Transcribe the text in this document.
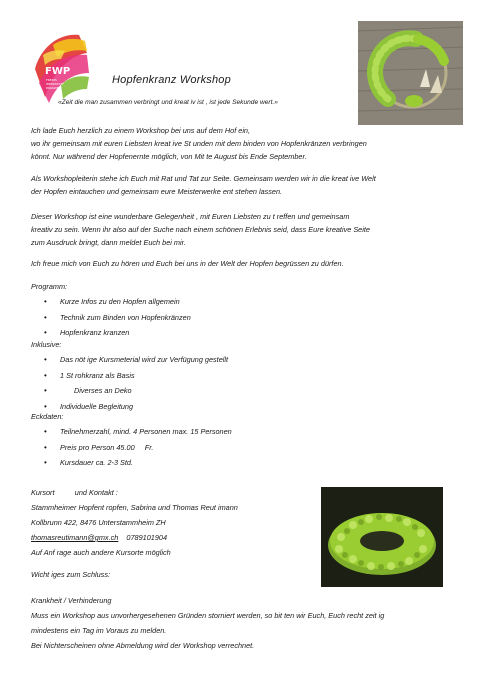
FWP
FREDIS
WERKSTATT
PARADIES
Hopfenkranz Workshop
«Zeit die man zusammen verbringt und kreat iv ist , ist jede Sekunde wert.»

Ich lade Euch herzlich zu einem Workshop bei uns auf dem Hof ein,

wo ihr gemeinsam mit euren Liebsten kreat ive St unden mit dem binden von Hopfenkränzen verbringen

könnt. Nur während der Hopfenernte möglich, von Mit te August bis Ende September.

Als Workshopleiterin stehe ich Euch mit Rat und Tat zur Seite. Gemeinsam werden wir in die kreat ive Welt

der Hopfen eintauchen und gemeinsam eure Meisterwerke ent stehen lassen.

Dieser Workshop ist eine wunderbare Gelegenheit , mit Euren Liebsten zu t reffen und gemeinsam

kreativ zu sein. Wenn ihr also auf der Suche nach einem schönen Erlebnis seid, dass Eure kreative Seite

zum Ausdruck bringt, dann meldet Euch bei mir.

Ich freue mich von Euch zu hören und Euch bei uns in der Welt der Hopfen begrüssen zu dürfen.

Programm:
• Kurze Infos zu den Hopfen allgemein
• Technik zum Binden von Hopfenkränzen
• Hopfenkranz kranzen
Inklusive:
• Das nöt ige Kursmeterial wird zur Verfügung gestellt
• 1 St rohkranz als Basis
•	Diverses an Deko
• Individuelle Begleitung
Eckdaten:
• Teilnehmerzahl, mind. 4 Personen max. 15 Personen
• Preis pro Person 45.00     Fr.
• Kursdauer ca. 2-3 Std.

Kursort          und Kontakt :

Stammheimer Hopfent ropfen, Sabrina und Thomas Reut imann

Kollbrunn 422, 8476 Unterstammheim ZH

thomasreutimann@gmx.ch 0789101904

Auf Anf rage auch andere Kursorte möglich

Wicht iges zum Schluss:

Krankheit / Verhinderung

Muss ein Workshop aus unvorhergesehenen Gründen storniert werden, so bit ten wir Euch, Euch recht zeit ig

mindestens ein Tag im Voraus zu melden.

Bei Nichterscheinen ohne Abmeldung wird der Workshop verrechnet.
